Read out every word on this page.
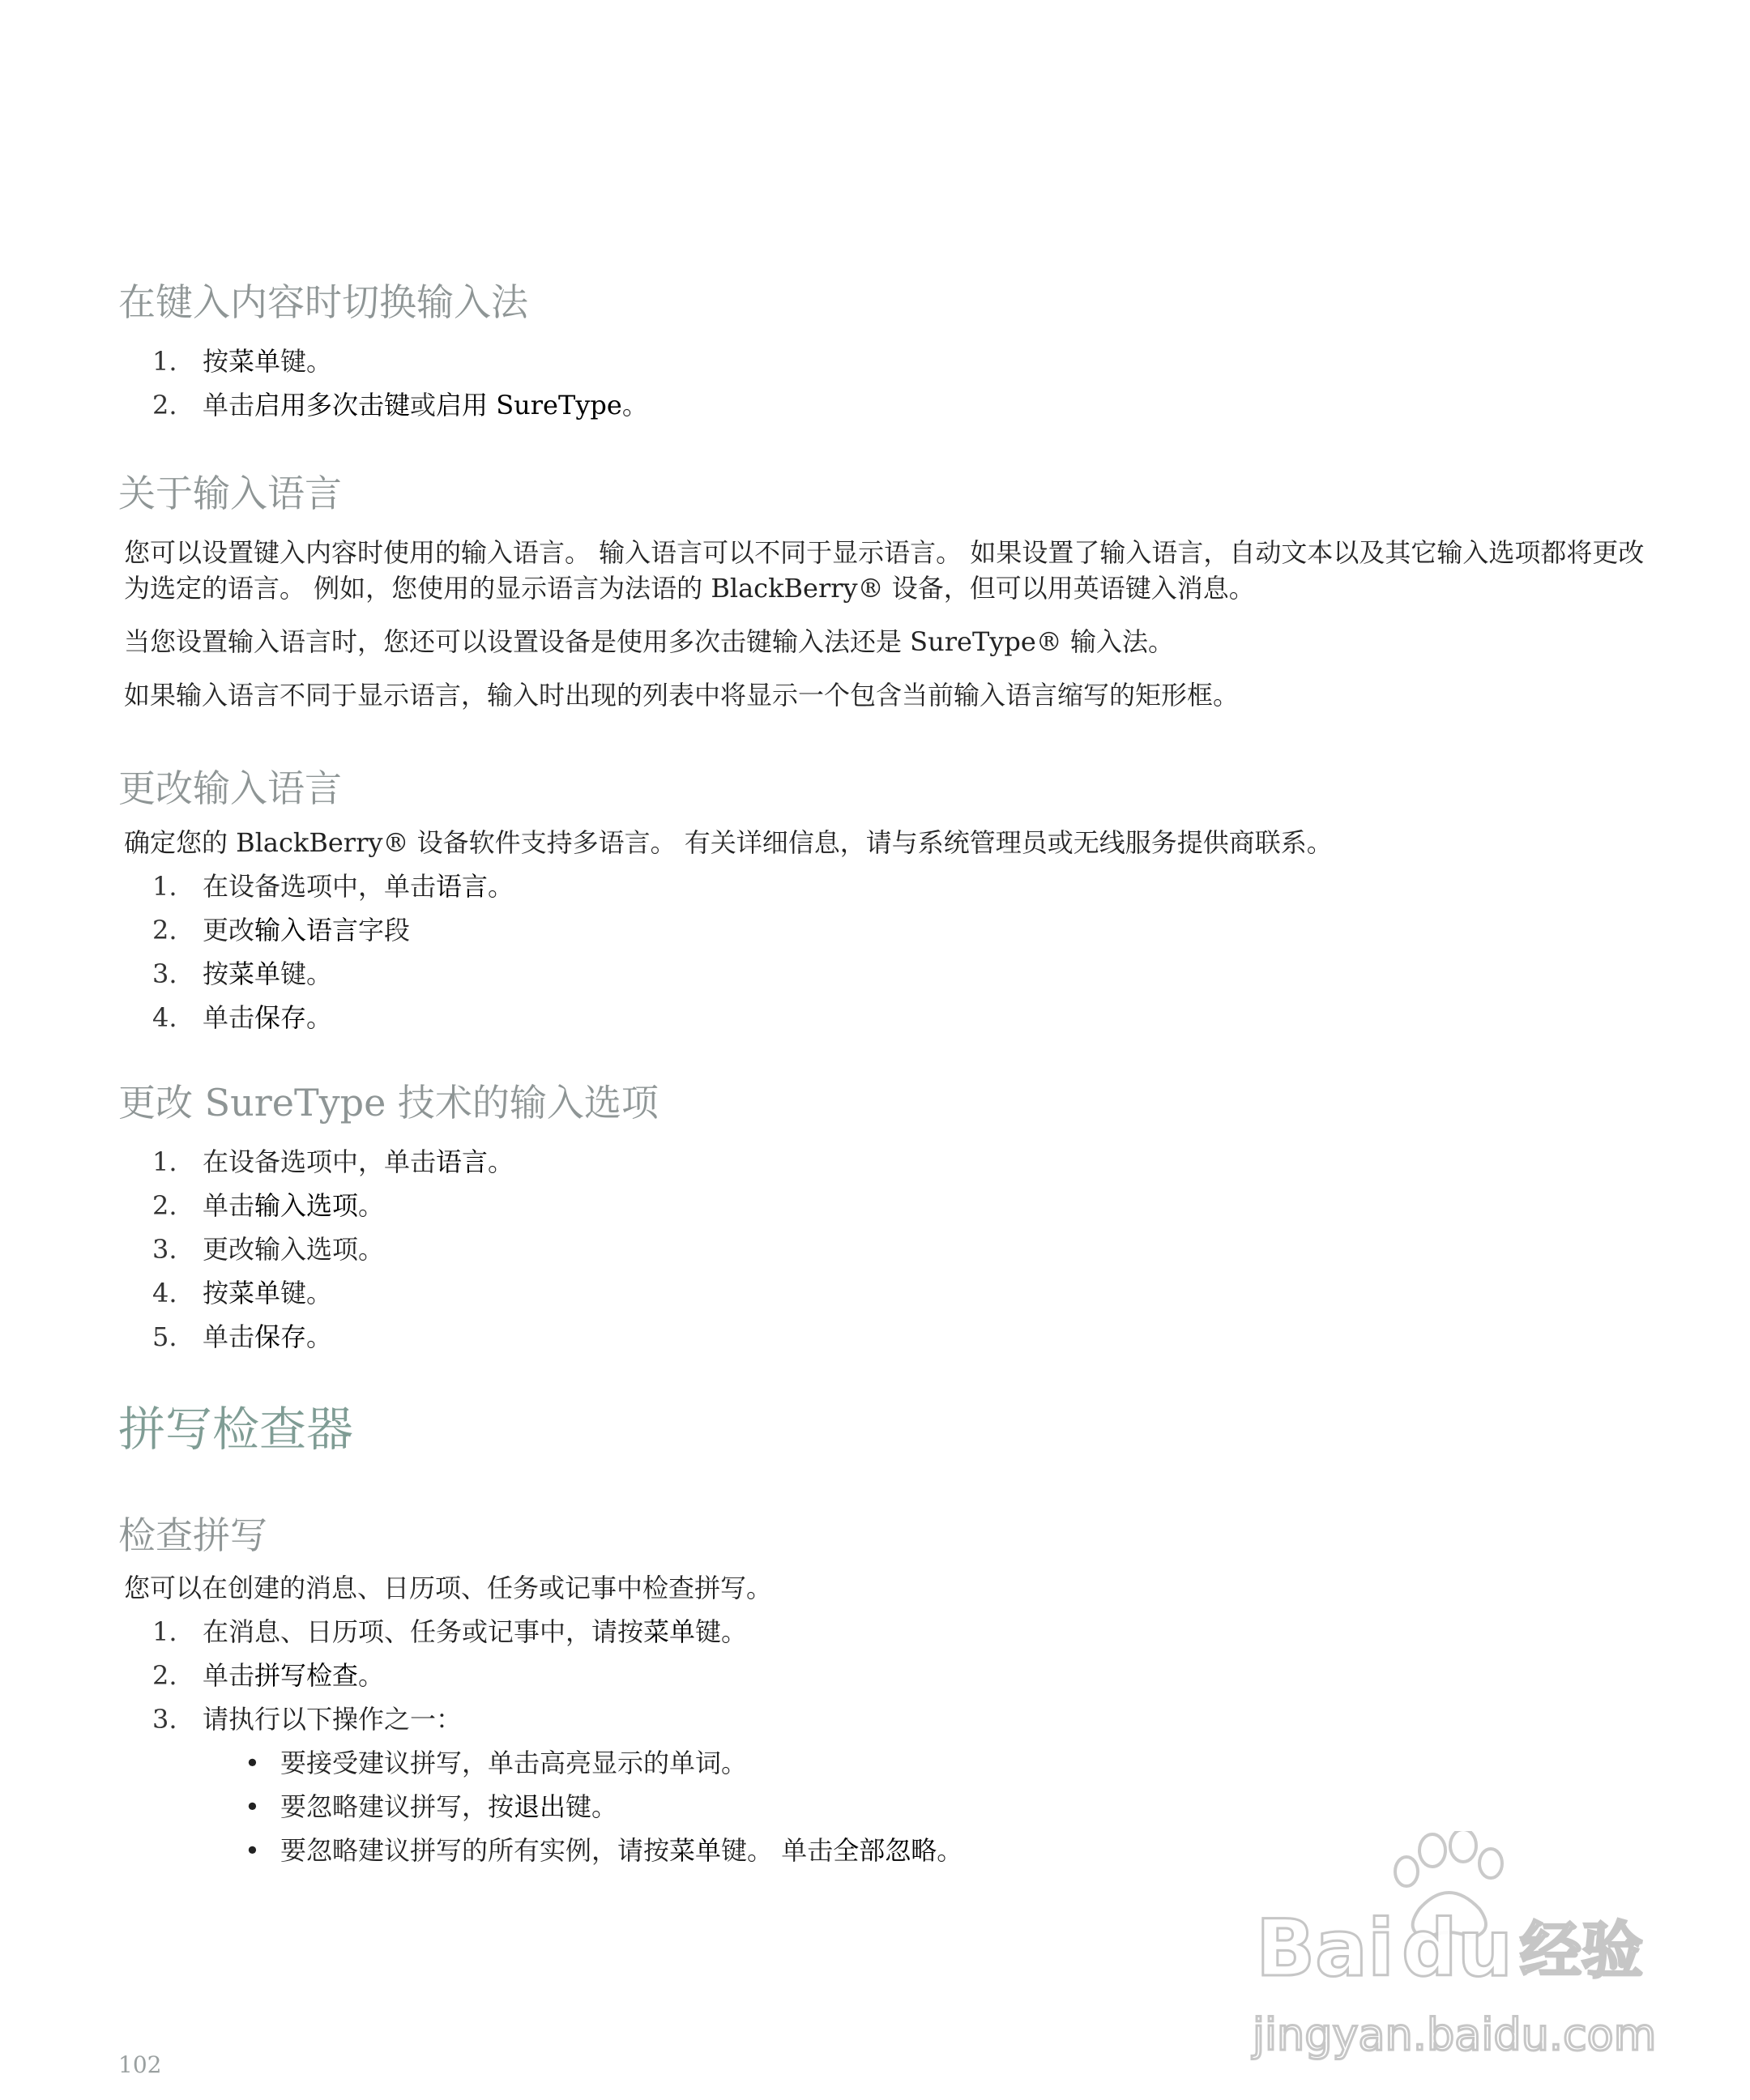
在键入内容时切换输入法
1. 按菜单键。
2. 单击启用多次击键或启用 SureType。
关于输入语言

您可以设置键入内容时使用的输入语言。 输入语言可以不同于显示语言。 如果设置了输入语言，自动文本以及其它输入选项都将更改为选定的语言。 例如，您使用的显示语言为法语的 BlackBerry® 设备，但可以用英语键入消息。

当您设置输入语言时，您还可以设置设备是使用多次击键输入法还是 SureType® 输入法。

如果输入语言不同于显示语言，输入时出现的列表中将显示一个包含当前输入语言缩写的矩形框。

更改输入语言

确定您的 BlackBerry® 设备软件支持多语言。 有关详细信息，请与系统管理员或无线服务提供商联系。

1. 在设备选项中，单击语言。
2. 更改输入语言字段
3. 按菜单键。
4. 单击保存。
更改 SureType 技术的输入选项
1. 在设备选项中，单击语言。
2. 单击输入选项。
3. 更改输入选项。
4. 按菜单键。
5. 单击保存。
拼写检查器
检查拼写

您可以在创建的消息、日历项、任务或记事中检查拼写。

1. 在消息、日历项、任务或记事中，请按菜单键。
2. 单击拼写检查。
3. 请执行以下操作之一：
• 要接受建议拼写，单击高亮显示的单词。
• 要忽略建议拼写，按退出键。
• 要忽略建议拼写的所有实例，请按菜单键。 单击全部忽略。
102
Bai du 经验
jingyan.baidu.com
